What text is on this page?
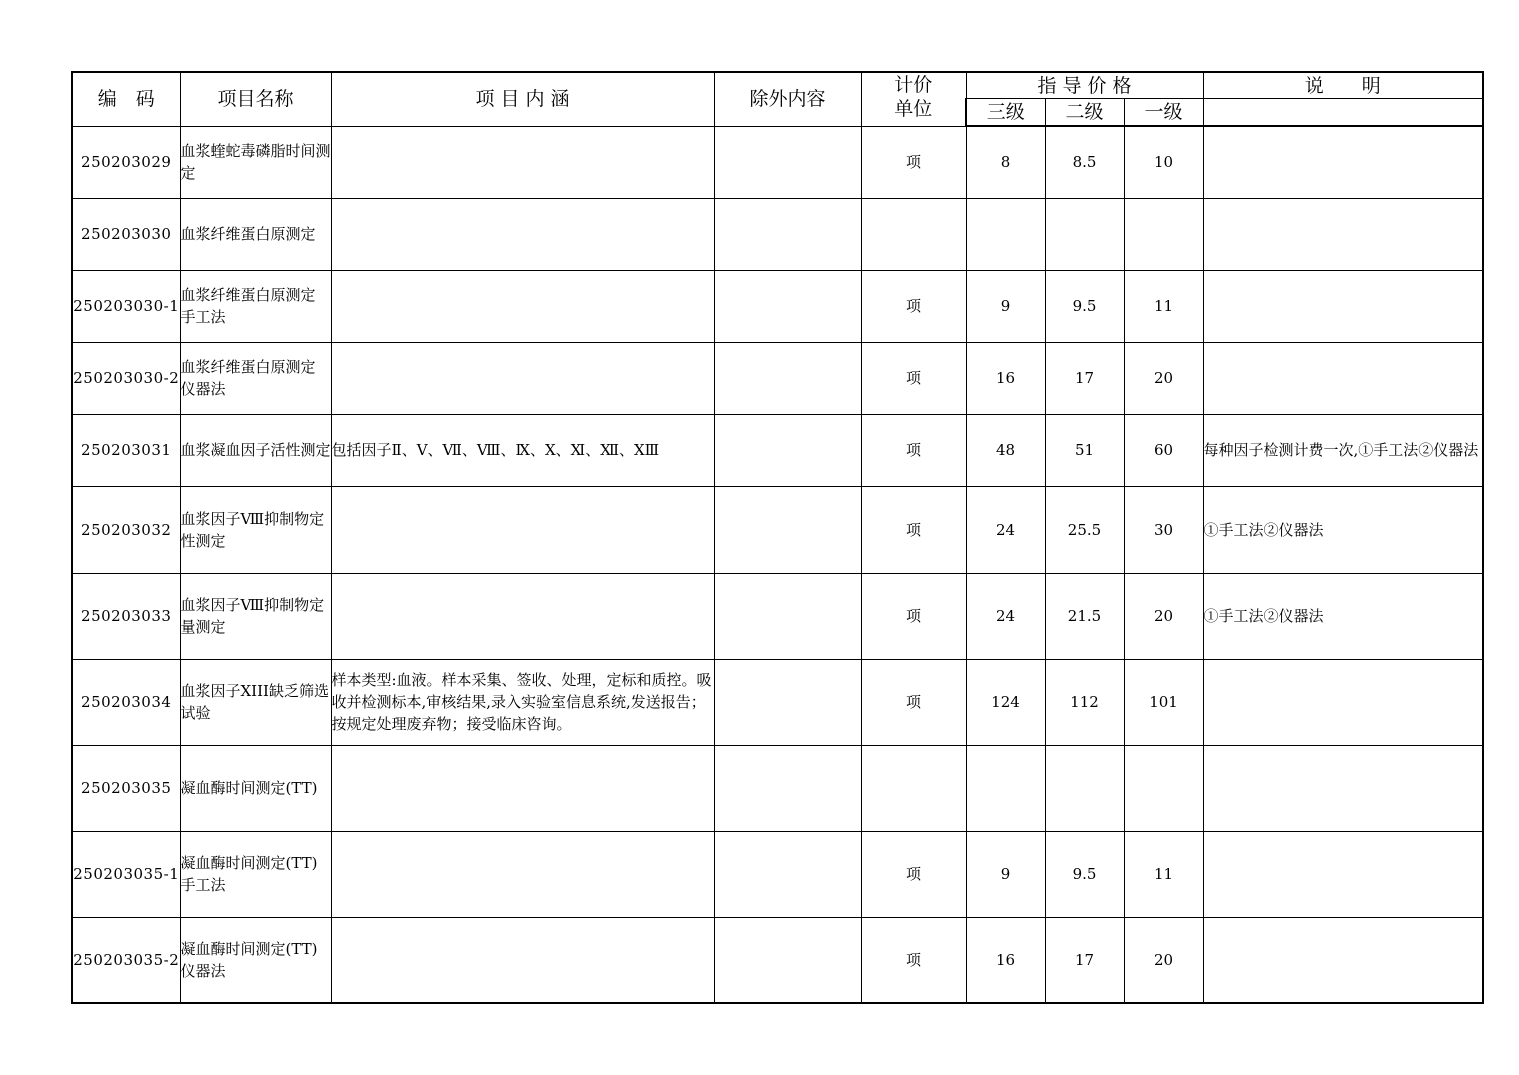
编　码	项目名称	项 目 内 涵	除外内容	计价
单位	指 导 价 格			说　　明
					三级	二级	一级	
250203029	血浆蝰蛇毒磷脂时间测定			项	8	8.5	10	
250203030	血浆纤维蛋白原测定							
250203030-1	血浆纤维蛋白原测定　手工法			项	9	9.5	11	
250203030-2	血浆纤维蛋白原测定　仪器法			项	16	17	20	
250203031	血浆凝血因子活性测定	包括因子Ⅱ、Ⅴ、Ⅶ、Ⅷ、Ⅸ、Ⅹ、Ⅺ、Ⅻ、XⅢ		项	48	51	60	每种因子检测计费一次,①手工法②仪器法
250203032	血浆因子Ⅷ抑制物定性测定			项	24	25.5	30	①手工法②仪器法
250203033	血浆因子Ⅷ抑制物定量测定			项	24	21.5	20	①手工法②仪器法
250203034	血浆因子XIII缺乏筛选试验	样本类型:血液。样本采集、签收、处理，定标和质控。吸收并检测标本,审核结果,录入实验室信息系统,发送报告；按规定处理废弃物；接受临床咨询。		项	124	112	101	
250203035	凝血酶时间测定(TT)							
250203035-1	凝血酶时间测定(TT)　　手工法			项	9	9.5	11	
250203035-2	凝血酶时间测定(TT)　　仪器法			项	16	17	20	
